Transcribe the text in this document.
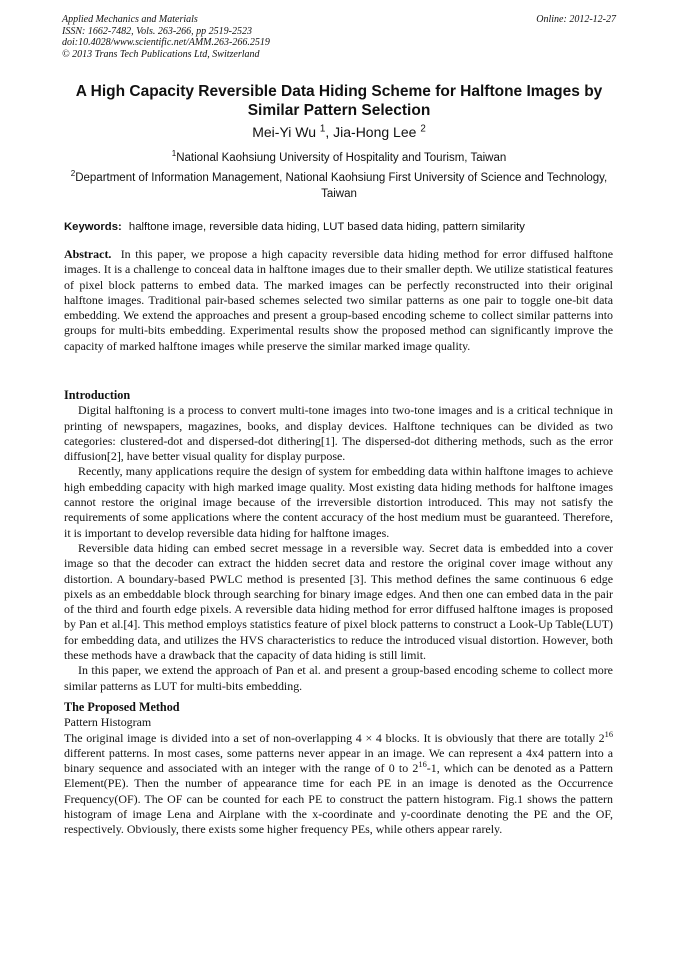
Applied Mechanics and Materials
ISSN: 1662-7482, Vols. 263-266, pp 2519-2523
doi:10.4028/www.scientific.net/AMM.263-266.2519
© 2013 Trans Tech Publications Ltd, Switzerland
Online: 2012-12-27
A High Capacity Reversible Data Hiding Scheme for Halftone Images by Similar Pattern Selection
Mei-Yi Wu $^1$, Jia-Hong Lee $^2$
$^1$National Kaohsiung University of Hospitality and Tourism, Taiwan
$^2$Department of Information Management, National Kaohsiung First University of Science and Technology, Taiwan
Keywords: halftone image, reversible data hiding, LUT based data hiding, pattern similarity

Abstract. In this paper, we propose a high capacity reversible data hiding method for error diffused halftone images. It is a challenge to conceal data in halftone images due to their smaller depth. We utilize statistical features of pixel block patterns to embed data. The marked images can be perfectly reconstructed into their original halftone images. Traditional pair-based schemes selected two similar patterns as one pair to toggle one-bit data embedding. We extend the approaches and present a group-based encoding scheme to collect similar patterns into groups for multi-bits embedding. Experimental results show the proposed method can significantly improve the capacity of marked halftone images while preserve the similar marked image quality.

Introduction

Digital halftoning is a process to convert multi-tone images into two-tone images and is a critical technique in printing of newspapers, magazines, books, and display devices. Halftone techniques can be divided as two categories: clustered-dot and dispersed-dot dithering[1]. The dispersed-dot dithering methods, such as the error diffusion[2], have better visual quality for display purpose.

Recently, many applications require the design of system for embedding data within halftone images to achieve high embedding capacity with high marked image quality. Most existing data hiding methods for halftone images cannot restore the original image because of the irreversible distortion introduced. This may not satisfy the requirements of some applications where the content accuracy of the host medium must be guaranteed. Therefore, it is important to develop reversible data hiding for halftone images.

Reversible data hiding can embed secret message in a reversible way. Secret data is embedded into a cover image so that the decoder can extract the hidden secret data and restore the original cover image without any distortion. A boundary-based PWLC method is presented [3]. This method defines the same continuous 6 edge pixels as an embeddable block through searching for binary image edges. And then one can embed data in the pair of the third and fourth edge pixels. A reversible data hiding method for error diffused halftone images is proposed by Pan et al.[4]. This method employs statistics feature of pixel block patterns to construct a Look-Up Table(LUT) for embedding data, and utilizes the HVS characteristics to reduce the introduced visual distortion. However, both these methods have a drawback that the capacity of data hiding is still limit.

In this paper, we extend the approach of Pan et al. and present a group-based encoding scheme to collect more similar patterns as LUT for multi-bits embedding.

The Proposed Method

Pattern Histogram

The original image is divided into a set of non-overlapping 4 × 4 blocks. It is obviously that there are totally $2^{16}$ different patterns. In most cases, some patterns never appear in an image. We can represent a 4x4 pattern into a binary sequence and associated with an integer with the range of 0 to $2^{16}-1$, which can be denoted as a Pattern Element(PE). Then the number of appearance time for each PE in an image is denoted as the Occurrence Frequency(OF). The OF can be counted for each PE to construct the pattern histogram. Fig.1 shows the pattern histogram of image Lena and Airplane with the x-coordinate and y-coordinate denoting the PE and the OF, respectively. Obviously, there exists some higher frequency PEs, while others appear rarely.
